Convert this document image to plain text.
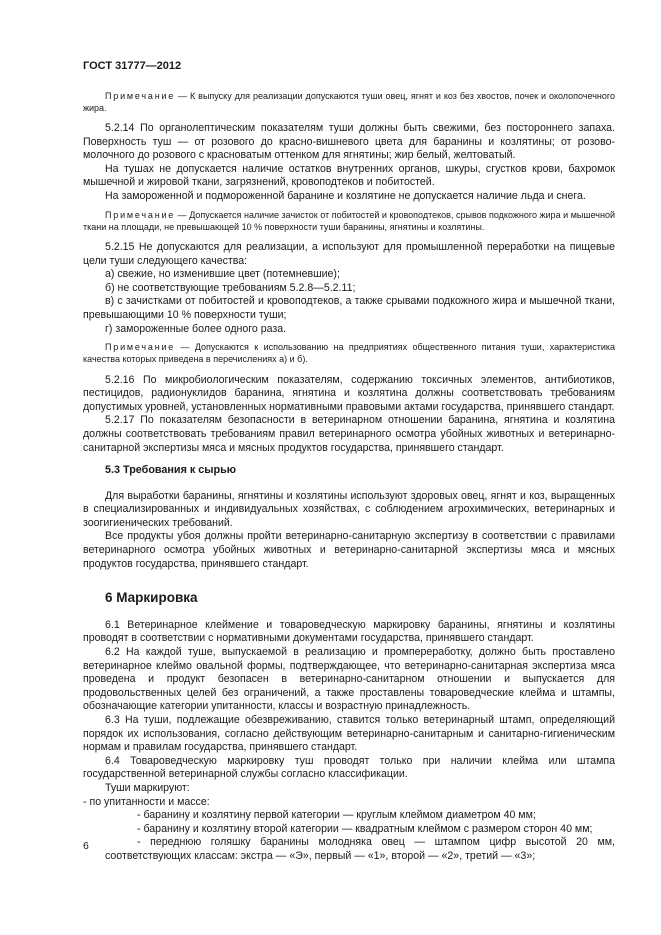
ГОСТ 31777—2012

Примечание — К выпуску для реализации допускаются туши овец, ягнят и коз без хвостов, почек и околопочечного жира.

5.2.14 По органолептическим показателям туши должны быть свежими, без постороннего запаха. Поверхность туш — от розового до красно-вишневого цвета для баранины и козлятины; от розово-молочного до розового с красноватым оттенком для ягнятины; жир белый, желтоватый.

На тушах не допускается наличие остатков внутренних органов, шкуры, сгустков крови, бахромок мышечной и жировой ткани, загрязнений, кровоподтеков и побитостей.

На замороженной и подмороженной баранине и козлятине не допускается наличие льда и снега.

Примечание — Допускается наличие зачисток от побитостей и кровоподтеков, срывов подкожного жира и мышечной ткани на площади, не превышающей 10 % поверхности туши баранины, ягнятины и козлятины.

5.2.15 Не допускаются для реализации, а используют для промышленной переработки на пищевые цели туши следующего качества:

а) свежие, но изменившие цвет (потемневшие);

б) не соответствующие требованиям 5.2.8—5.2.11;

в) с зачистками от побитостей и кровоподтеков, а также срывами подкожного жира и мышечной ткани, превышающими 10 % поверхности туши;

г) замороженные более одного раза.

Примечание — Допускаются к использованию на предприятиях общественного питания туши, характеристика качества которых приведена в перечислениях а) и б).

5.2.16 По микробиологическим показателям, содержанию токсичных элементов, антибиотиков, пестицидов, радионуклидов баранина, ягнятина и козлятина должны соответствовать требованиям допустимых уровней, установленных нормативными правовыми актами государства, принявшего стандарт.

5.2.17 По показателям безопасности в ветеринарном отношении баранина, ягнятина и козлятина должны соответствовать требованиям правил ветеринарного осмотра убойных животных и ветеринарно-санитарной экспертизы мяса и мясных продуктов государства, принявшего стандарт.

5.3 Требования к сырью

Для выработки баранины, ягнятины и козлятины используют здоровых овец, ягнят и коз, выращенных в специализированных и индивидуальных хозяйствах, с соблюдением агрохимических, ветеринарных и зоогигиенических требований.

Все продукты убоя должны пройти ветеринарно-санитарную экспертизу в соответствии с правилами ветеринарного осмотра убойных животных и ветеринарно-санитарной экспертизы мяса и мясных продуктов государства, принявшего стандарт.

6 Маркировка

6.1 Ветеринарное клеймение и товароведческую маркировку баранины, ягнятины и козлятины проводят в соответствии с нормативными документами государства, принявшего стандарт.

6.2 На каждой туше, выпускаемой в реализацию и промпереработку, должно быть проставлено ветеринарное клеймо овальной формы, подтверждающее, что ветеринарно-санитарная экспертиза мяса проведена и продукт безопасен в ветеринарно-санитарном отношении и выпускается для продовольственных целей без ограничений, а также проставлены товароведческие клейма и штампы, обозначающие категории упитанности, классы и возрастную принадлежность.

6.3 На туши, подлежащие обезвреживанию, ставится только ветеринарный штамп, определяющий порядок их использования, согласно действующим ветеринарно-санитарным и санитарно-гигиеническим нормам и правилам государства, принявшего стандарт.

6.4 Товароведческую маркировку туш проводят только при наличии клейма или штампа государственной ветеринарной службы согласно классификации.

Туши маркируют:

- по упитанности и массе:

- баранину и козлятину первой категории — круглым клеймом диаметром 40 мм;

- баранину и козлятину второй категории — квадратным клеймом с размером сторон 40 мм;

- переднюю голяшку баранины молодняка овец — штампом цифр высотой 20 мм, соответствующих классам: экстра — «Э», первый — «1», второй — «2», третий — «3»;

6
